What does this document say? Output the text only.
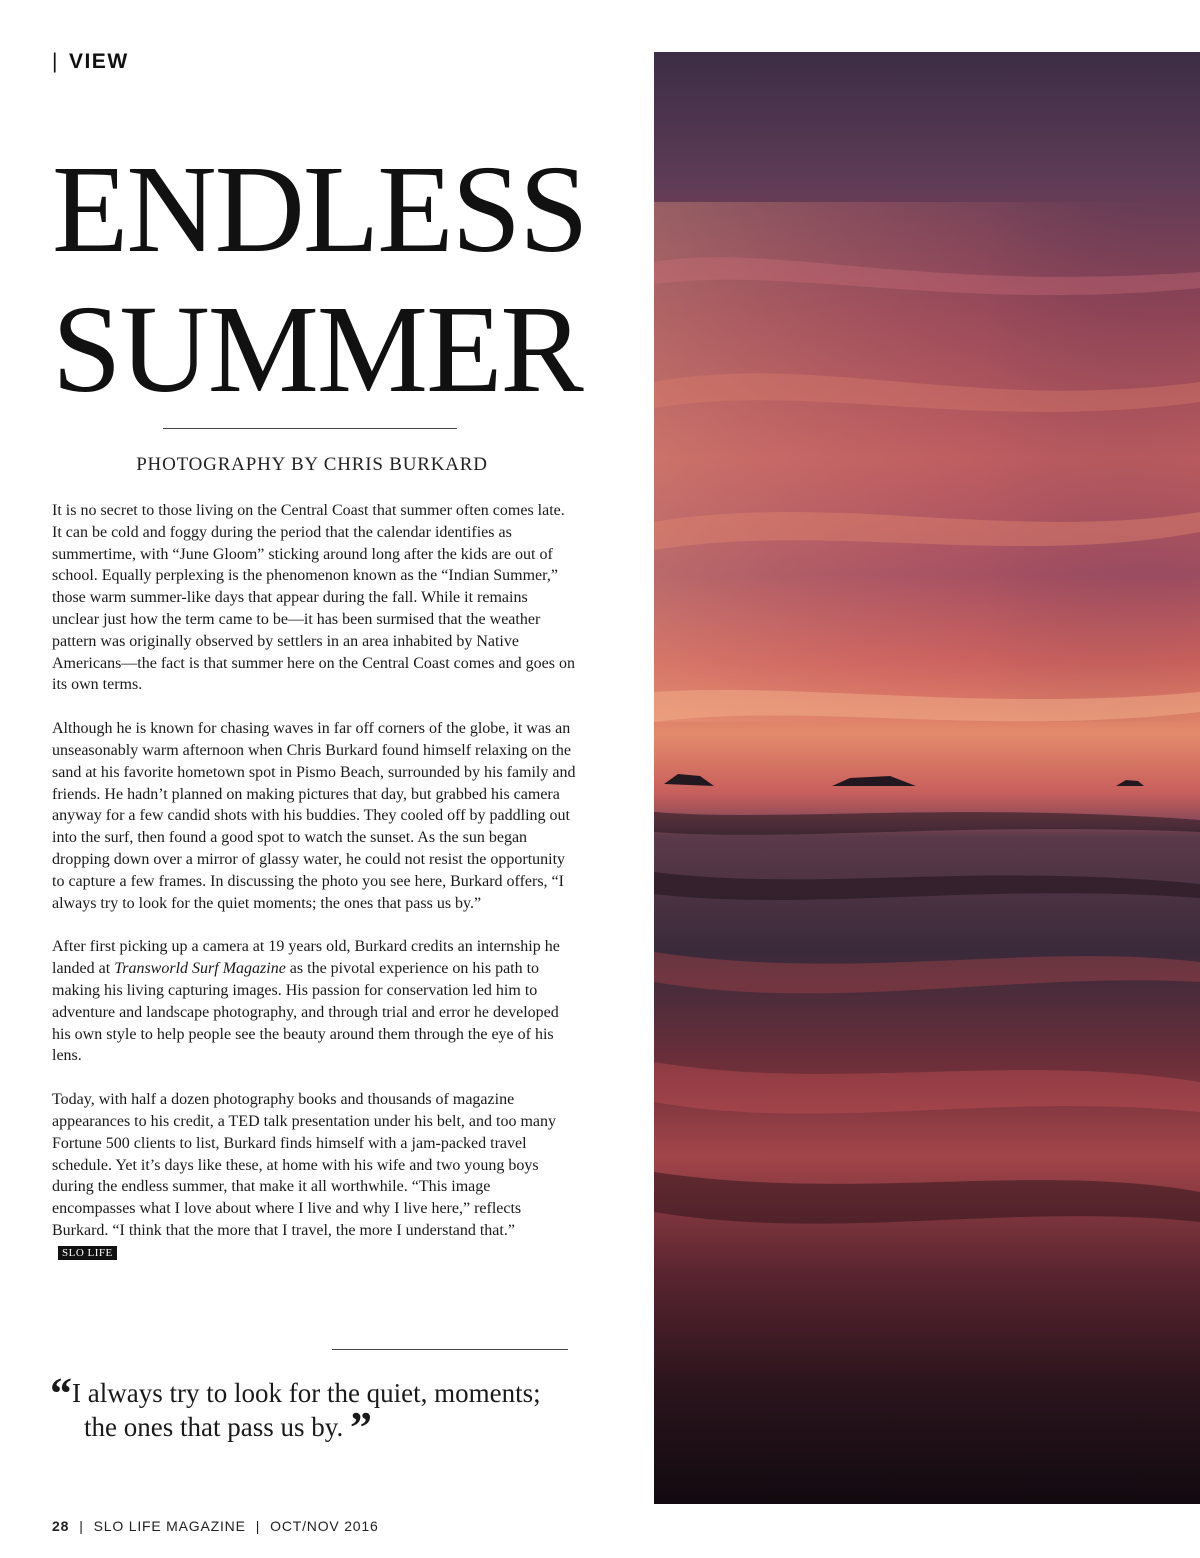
| VIEW
ENDLESS
SUMMER
PHOTOGRAPHY BY CHRIS BURKARD

It is no secret to those living on the Central Coast that summer often comes late. It can be cold and foggy during the period that the calendar identifies as summertime, with “June Gloom” sticking around long after the kids are out of school. Equally perplexing is the phenomenon known as the “Indian Summer,” those warm summer-like days that appear during the fall. While it remains unclear just how the term came to be—it has been surmised that the weather pattern was originally observed by settlers in an area inhabited by Native Americans—the fact is that summer here on the Central Coast comes and goes on its own terms.

Although he is known for chasing waves in far off corners of the globe, it was an unseasonably warm afternoon when Chris Burkard found himself relaxing on the sand at his favorite hometown spot in Pismo Beach, surrounded by his family and friends. He hadn’t planned on making pictures that day, but grabbed his camera anyway for a few candid shots with his buddies. They cooled off by paddling out into the surf, then found a good spot to watch the sunset. As the sun began dropping down over a mirror of glassy water, he could not resist the opportunity to capture a few frames. In discussing the photo you see here, Burkard offers, “I always try to look for the quiet moments; the ones that pass us by.”

After first picking up a camera at 19 years old, Burkard credits an internship he landed at Transworld Surf Magazine as the pivotal experience on his path to making his living capturing images. His passion for conservation led him to adventure and landscape photography, and through trial and error he developed his own style to help people see the beauty around them through the eye of his lens.

Today, with half a dozen photography books and thousands of magazine appearances to his credit, a TED talk presentation under his belt, and too many Fortune 500 clients to list, Burkard finds himself with a jam-packed travel schedule. Yet it’s days like these, at home with his wife and two young boys during the endless summer, that make it all worthwhile. “This image encompasses what I love about where I live and why I live here,” reflects Burkard. “I think that the more that I travel, the more I understand that.”SLO LIFE

“I always try to look for the quiet, moments;
the ones that pass us by. ”
28 | SLO LIFE MAGAZINE | OCT/NOV 2016
